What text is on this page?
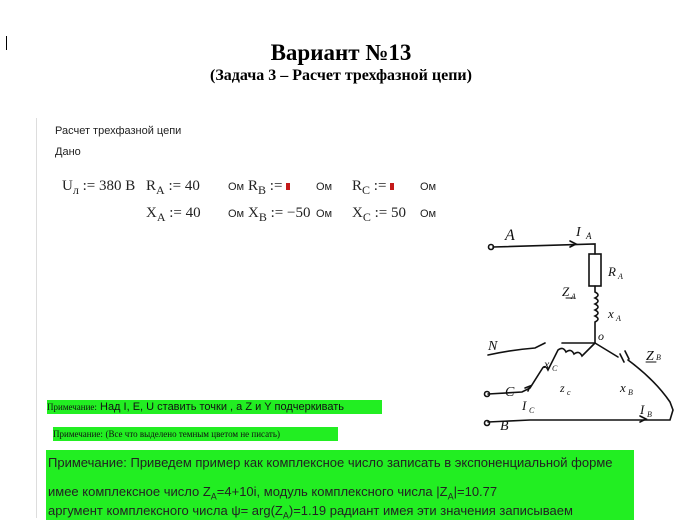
Вариант №13
(Задача 3 – Расчет трехфазной цепи)
Расчет трехфазной цепи
Дано
$U_л$ := 380 В $R_A$ := 40	Ом $R_B$ :=	Ом $R_C$ :=	Ом
$X_A$ := 40 Ом $X_B$ := −50 Ом $X_C$ := 50 Ом
A	I A
R A
Z A
x A
o
N
x C
z c
C
I C
Z B
x B
I B
B
Примечание: Над I, E, U ставить точки , а Z и Y подчеркивать
Примечание: (Все что выделено темным цветом не писать)
Примечание: Приведем пример как комплексное число записать в экспоненциальной форме
имее комплексное число $Z_A=4+10i$, модуль комплексного числа $|Z_A|=10.77$
аргумент комплексного числа $\psi= arg(Z_A)=1.19$ радиант имея эти значения записываем
